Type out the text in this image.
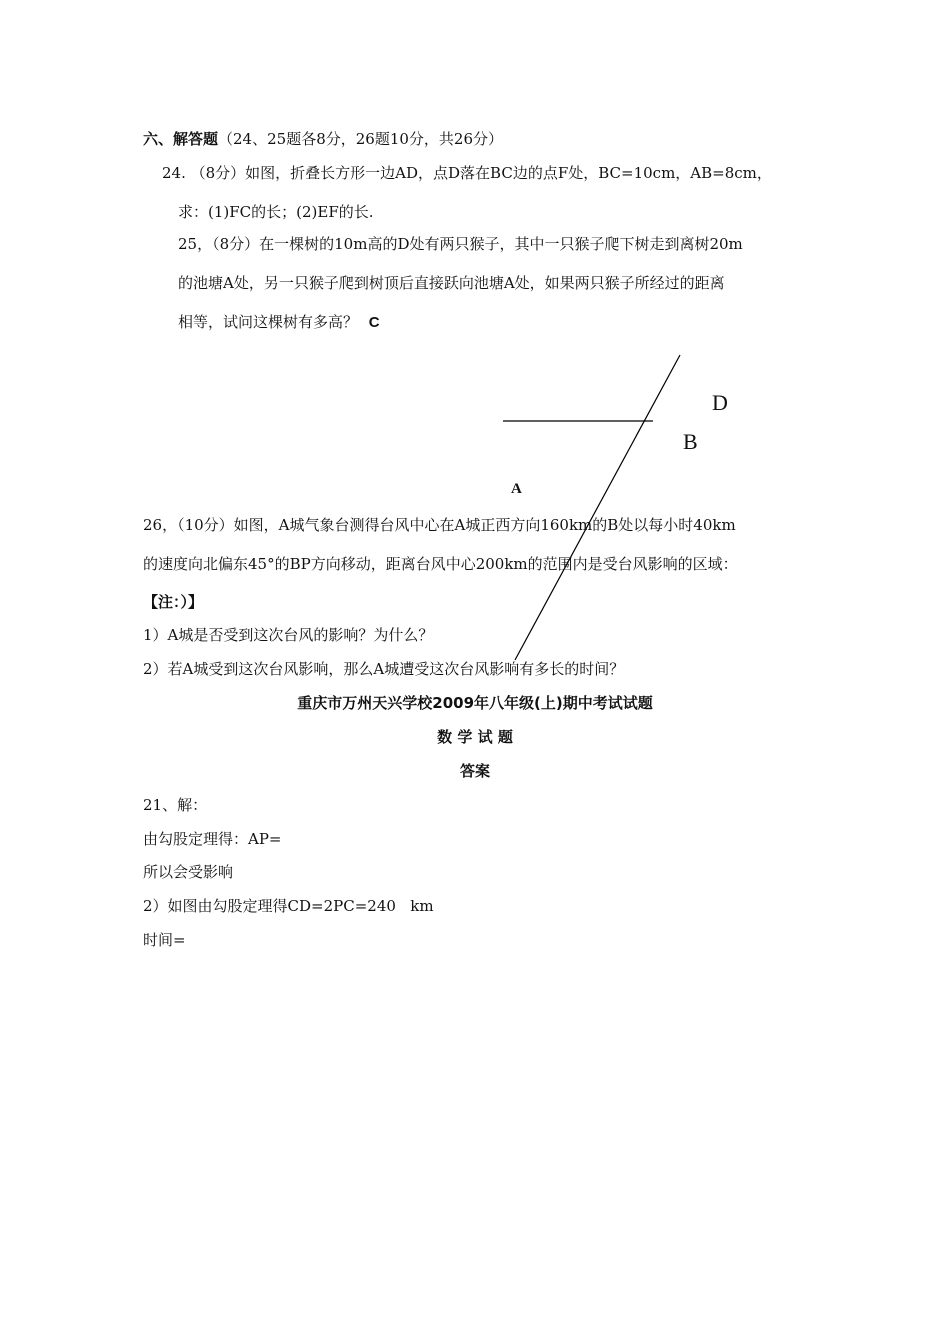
六、解答题（24、25题各8分，26题10分，共26分）
24. （8分）如图，折叠长方形一边AD，点D落在BC边的点F处，BC=10cm，AB=8cm，
求：(1)FC的长；(2)EF的长.
25，（8分）在一棵树的10m高的D处有两只猴子，其中一只猴子爬下树走到离树20m
的池塘A处，另一只猴子爬到树顶后直接跃向池塘A处，如果两只猴子所经过的距离
相等，试问这棵树有多高？ C
D
B
A
26，（10分）如图，A城气象台测得台风中心在A城正西方向160km的B处以每小时40km
的速度向北偏东45°的BP方向移动，距离台风中心200km的范围内是受台风影响的区域：
【注：）】
1）A城是否受到这次台风的影响？为什么？
2）若A城受到这次台风影响，那么A城遭受这次台风影响有多长的时间？
重庆市万州天兴学校2009年八年级(上)期中考试试题
数 学 试 题
答案
21、解：
由勾股定理得：AP=
所以会受影响
2）如图由勾股定理得CD=2PC=240   km
时间=
